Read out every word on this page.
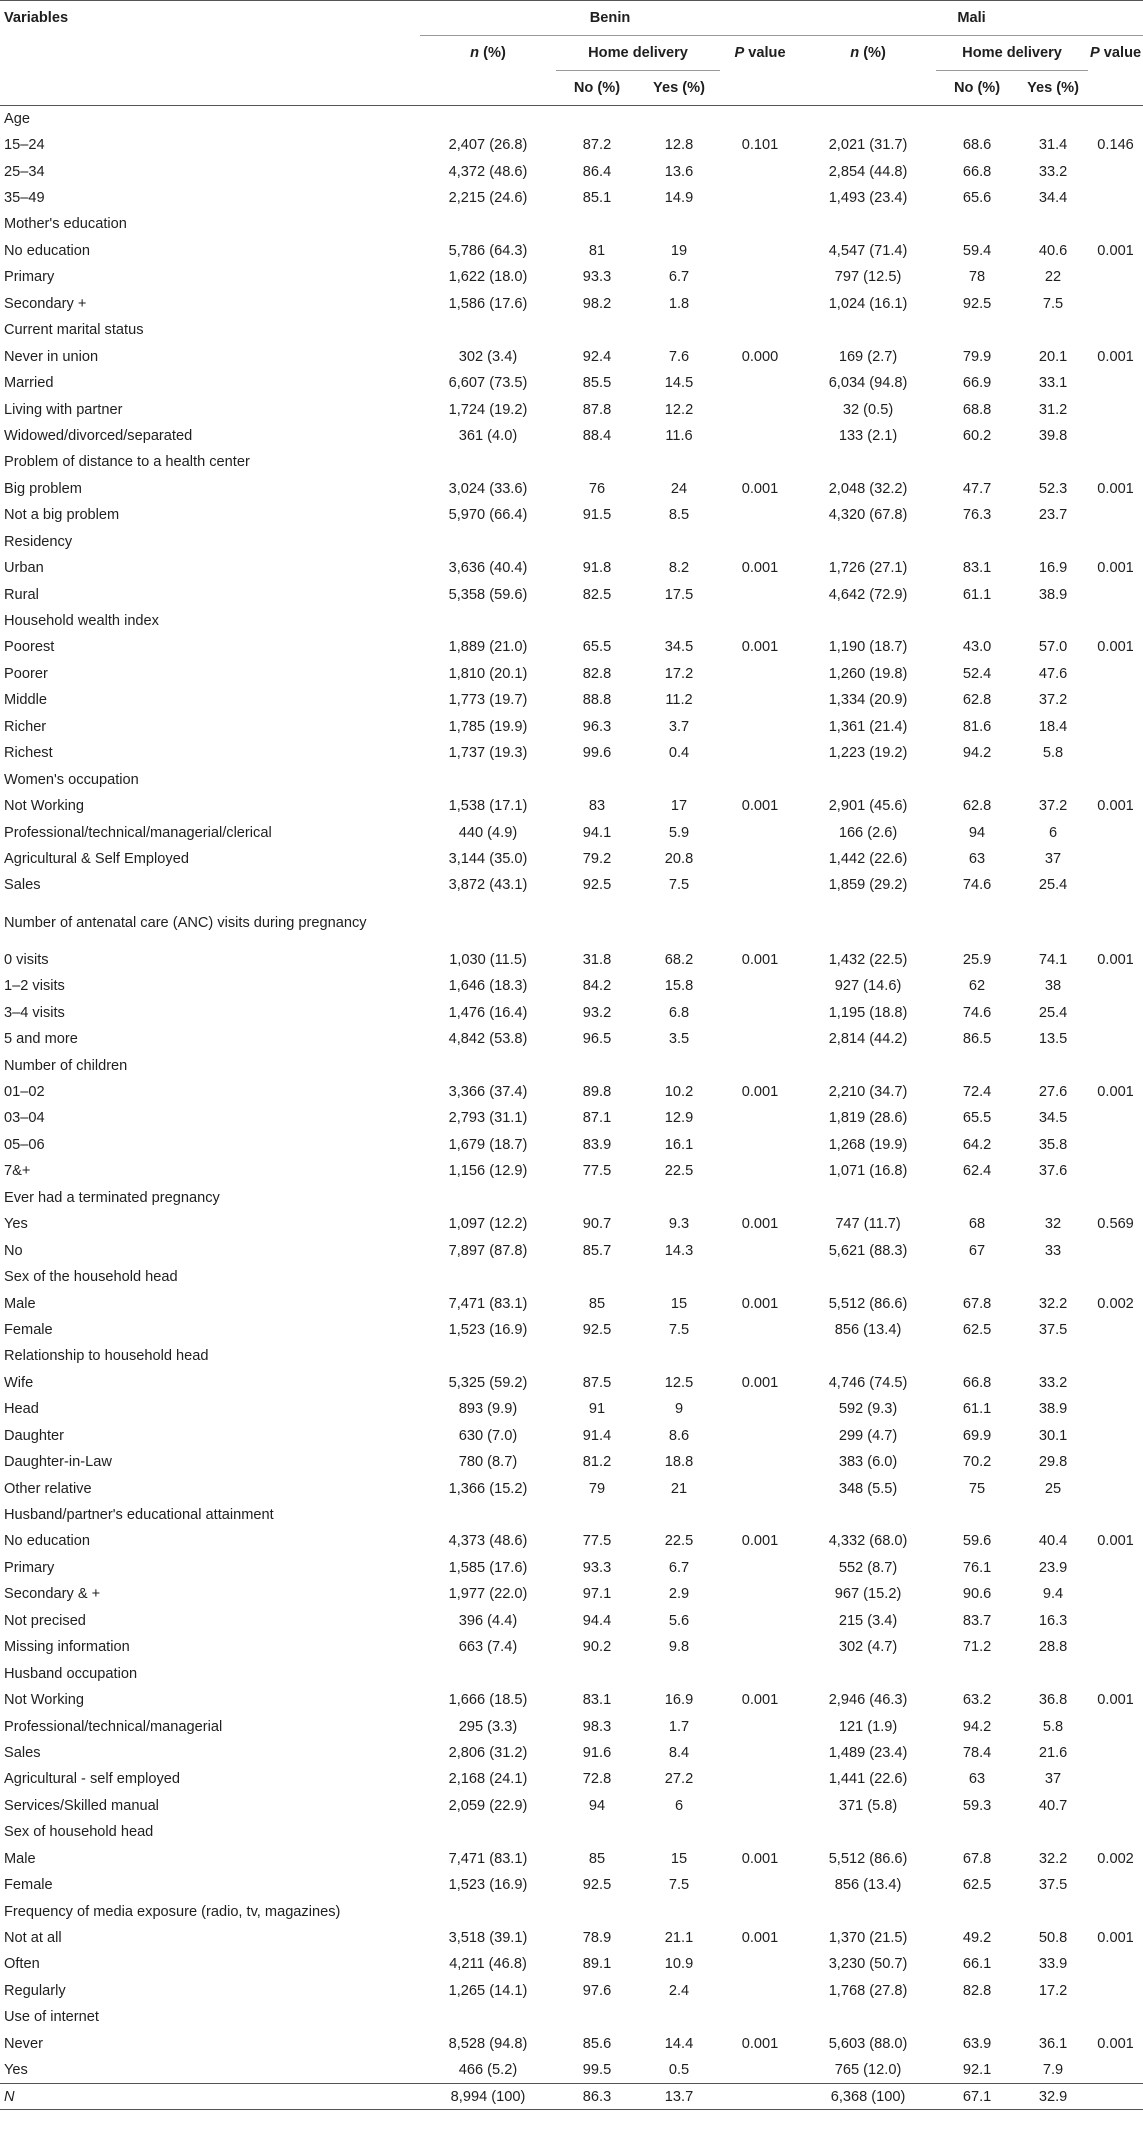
Variables	Benin				Mali			
	n (%)	Home delivery		P value	n (%)	Home delivery		P value
		No (%)	Yes (%)			No (%)	Yes (%)	
Age								
15–24	2,407 (26.8)	87.2	12.8	0.101	2,021 (31.7)	68.6	31.4	0.146
25–34	4,372 (48.6)	86.4	13.6		2,854 (44.8)	66.8	33.2	
35–49	2,215 (24.6)	85.1	14.9		1,493 (23.4)	65.6	34.4	
Mother's education								
No education	5,786 (64.3)	81	19		4,547 (71.4)	59.4	40.6	0.001
Primary	1,622 (18.0)	93.3	6.7		797 (12.5)	78	22	
Secondary +	1,586 (17.6)	98.2	1.8		1,024 (16.1)	92.5	7.5	
Current marital status								
Never in union	302 (3.4)	92.4	7.6	0.000	169 (2.7)	79.9	20.1	0.001
Married	6,607 (73.5)	85.5	14.5		6,034 (94.8)	66.9	33.1	
Living with partner	1,724 (19.2)	87.8	12.2		32 (0.5)	68.8	31.2	
Widowed/divorced/separated	361 (4.0)	88.4	11.6		133 (2.1)	60.2	39.8	
Problem of distance to a health center								
Big problem	3,024 (33.6)	76	24	0.001	2,048 (32.2)	47.7	52.3	0.001
Not a big problem	5,970 (66.4)	91.5	8.5		4,320 (67.8)	76.3	23.7	
Residency								
Urban	3,636 (40.4)	91.8	8.2	0.001	1,726 (27.1)	83.1	16.9	0.001
Rural	5,358 (59.6)	82.5	17.5		4,642 (72.9)	61.1	38.9	
Household wealth index								
Poorest	1,889 (21.0)	65.5	34.5	0.001	1,190 (18.7)	43.0	57.0	0.001
Poorer	1,810 (20.1)	82.8	17.2		1,260 (19.8)	52.4	47.6	
Middle	1,773 (19.7)	88.8	11.2		1,334 (20.9)	62.8	37.2	
Richer	1,785 (19.9)	96.3	3.7		1,361 (21.4)	81.6	18.4	
Richest	1,737 (19.3)	99.6	0.4		1,223 (19.2)	94.2	5.8	
Women's occupation								
Not Working	1,538 (17.1)	83	17	0.001	2,901 (45.6)	62.8	37.2	0.001
Professional/technical/managerial/clerical	440 (4.9)	94.1	5.9		166 (2.6)	94	6	
Agricultural & Self Employed	3,144 (35.0)	79.2	20.8		1,442 (22.6)	63	37	
Sales	3,872 (43.1)	92.5	7.5		1,859 (29.2)	74.6	25.4	
Number of antenatal care (ANC) visits during pregnancy								
0 visits	1,030 (11.5)	31.8	68.2	0.001	1,432 (22.5)	25.9	74.1	0.001
1–2 visits	1,646 (18.3)	84.2	15.8		927 (14.6)	62	38	
3–4 visits	1,476 (16.4)	93.2	6.8		1,195 (18.8)	74.6	25.4	
5 and more	4,842 (53.8)	96.5	3.5		2,814 (44.2)	86.5	13.5	
Number of children								
01–02	3,366 (37.4)	89.8	10.2	0.001	2,210 (34.7)	72.4	27.6	0.001
03–04	2,793 (31.1)	87.1	12.9		1,819 (28.6)	65.5	34.5	
05–06	1,679 (18.7)	83.9	16.1		1,268 (19.9)	64.2	35.8	
7&+	1,156 (12.9)	77.5	22.5		1,071 (16.8)	62.4	37.6	
Ever had a terminated pregnancy								
Yes	1,097 (12.2)	90.7	9.3	0.001	747 (11.7)	68	32	0.569
No	7,897 (87.8)	85.7	14.3		5,621 (88.3)	67	33	
Sex of the household head								
Male	7,471 (83.1)	85	15	0.001	5,512 (86.6)	67.8	32.2	0.002
Female	1,523 (16.9)	92.5	7.5		856 (13.4)	62.5	37.5	
Relationship to household head								
Wife	5,325 (59.2)	87.5	12.5	0.001	4,746 (74.5)	66.8	33.2	
Head	893 (9.9)	91	9		592 (9.3)	61.1	38.9	
Daughter	630 (7.0)	91.4	8.6		299 (4.7)	69.9	30.1	
Daughter-in-Law	780 (8.7)	81.2	18.8		383 (6.0)	70.2	29.8	
Other relative	1,366 (15.2)	79	21		348 (5.5)	75	25	
Husband/partner's educational attainment								
No education	4,373 (48.6)	77.5	22.5	0.001	4,332 (68.0)	59.6	40.4	0.001
Primary	1,585 (17.6)	93.3	6.7		552 (8.7)	76.1	23.9	
Secondary & +	1,977 (22.0)	97.1	2.9		967 (15.2)	90.6	9.4	
Not precised	396 (4.4)	94.4	5.6		215 (3.4)	83.7	16.3	
Missing information	663 (7.4)	90.2	9.8		302 (4.7)	71.2	28.8	
Husband occupation								
Not Working	1,666 (18.5)	83.1	16.9	0.001	2,946 (46.3)	63.2	36.8	0.001
Professional/technical/managerial	295 (3.3)	98.3	1.7		121 (1.9)	94.2	5.8	
Sales	2,806 (31.2)	91.6	8.4		1,489 (23.4)	78.4	21.6	
Agricultural - self employed	2,168 (24.1)	72.8	27.2		1,441 (22.6)	63	37	
Services/Skilled manual	2,059 (22.9)	94	6		371 (5.8)	59.3	40.7	
Sex of household head								
Male	7,471 (83.1)	85	15	0.001	5,512 (86.6)	67.8	32.2	0.002
Female	1,523 (16.9)	92.5	7.5		856 (13.4)	62.5	37.5	
Frequency of media exposure (radio, tv, magazines)								
Not at all	3,518 (39.1)	78.9	21.1	0.001	1,370 (21.5)	49.2	50.8	0.001
Often	4,211 (46.8)	89.1	10.9		3,230 (50.7)	66.1	33.9	
Regularly	1,265 (14.1)	97.6	2.4		1,768 (27.8)	82.8	17.2	
Use of internet								
Never	8,528 (94.8)	85.6	14.4	0.001	5,603 (88.0)	63.9	36.1	0.001
Yes	466 (5.2)	99.5	0.5		765 (12.0)	92.1	7.9	
N	8,994 (100)	86.3	13.7		6,368 (100)	67.1	32.9	
